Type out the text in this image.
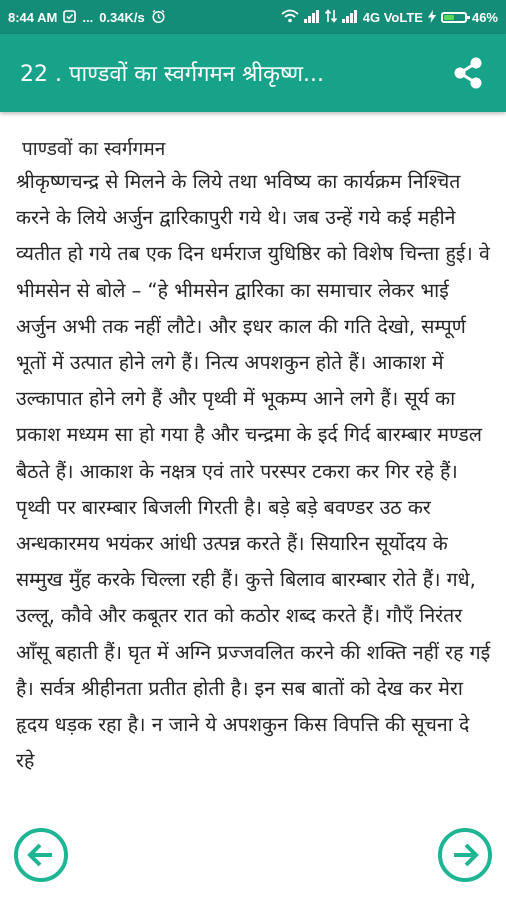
8:44 AM ... 0.34K/s	4G VoLTE	46%
22 . पाण्डवों का स्वर्गगमन श्रीकृष्ण...
पाण्डवों का स्वर्गगमन

श्रीकृष्णचन्द्र से मिलने के लिये तथा भविष्य का कार्यक्रम निश्चित करने के लिये अर्जुन द्वारिकापुरी गये थे। जब उन्हें गये कई महीने व्यतीत हो गये तब एक दिन धर्मराज युधिष्ठिर को विशेष चिन्ता हुई। वे भीमसेन से बोले – “हे भीमसेन द्वारिका का समाचार लेकर भाई अर्जुन अभी तक नहीं लौटे। और इधर काल की गति देखो, सम्पूर्ण भूतों में उत्पात होने लगे हैं। नित्य अपशकुन होते हैं। आकाश में उल्कापात होने लगे हैं और पृथ्वी में भूकम्प आने लगे हैं। सूर्य का प्रकाश मध्यम सा हो गया है और चन्द्रमा के इर्द गिर्द बारम्बार मण्डल बैठते हैं। आकाश के नक्षत्र एवं तारे परस्पर टकरा कर गिर रहे हैं। पृथ्वी पर बारम्बार बिजली गिरती है। बड़े बड़े बवण्डर उठ कर अन्धकारमय भयंकर आंधी उत्पन्न करते हैं। सियारिन सूर्योदय के सम्मुख मुँह करके चिल्ला रही हैं। कुत्ते बिलाव बारम्बार रोते हैं। गधे, उल्लू, कौवे और कबूतर रात को कठोर शब्द करते हैं। गौएँ निरंतर आँसू बहाती हैं। घृत में अग्नि प्रज्जवलित करने की शक्ति नहीं रह गई है। सर्वत्र श्रीहीनता प्रतीत होती है। इन सब बातों को देख कर मेरा हृदय धड़क रहा है। न जाने ये अपशकुन किस विपत्ति की सूचना दे रहे
